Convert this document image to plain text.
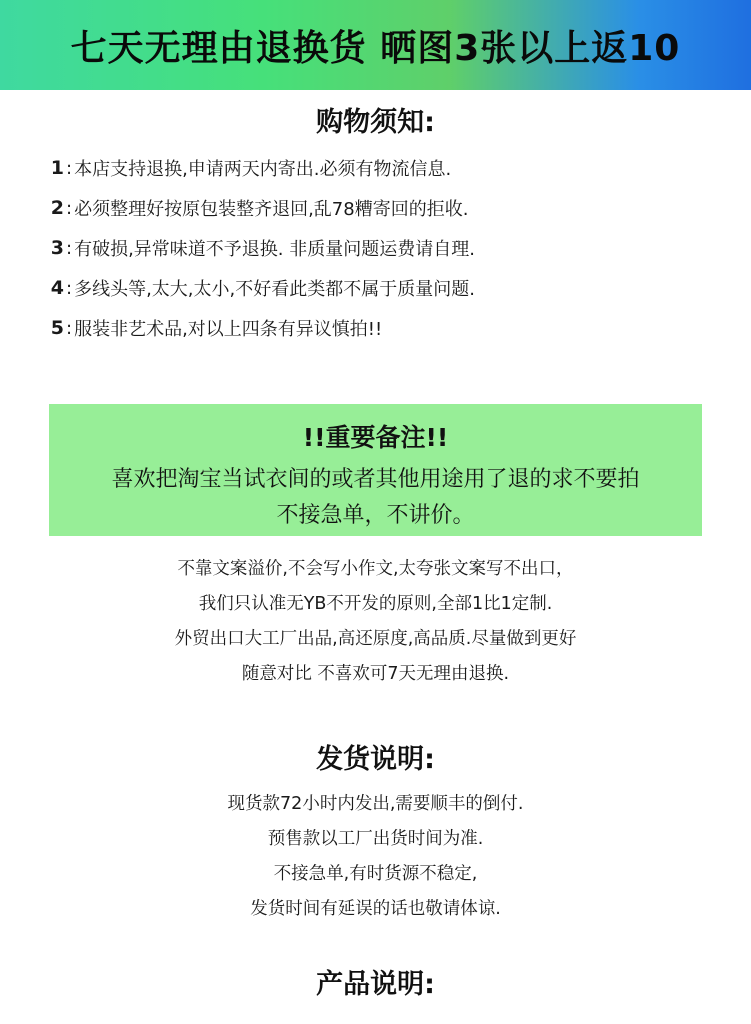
七天无理由退换货 晒图3张以上返10
购物须知:
1 : 本店支持退换,申请两天内寄出.必须有物流信息.
2 : 必须整理好按原包装整齐退回,乱78糟寄回的拒收.
3 : 有破损,异常味道不予退换. 非质量问题运费请自理.
4 : 多线头等,太大,太小,不好看此类都不属于质量问题.
5 : 服装非艺术品,对以上四条有异议慎拍!!
!!重要备注!!
喜欢把淘宝当试衣间的或者其他用途用了退的求不要拍
不接急单，不讲价。
不靠文案溢价,不会写小作文,太夸张文案写不出口，
我们只认准无YB不开发的原则,全部1比1定制.
外贸出口大工厂出品,高还原度,高品质.尽量做到更好
随意对比 不喜欢可7天无理由退换.
发货说明:
现货款72小时内发出,需要顺丰的倒付.
预售款以工厂出货时间为准.
不接急单,有时货源不稳定,
发货时间有延误的话也敬请体谅.
产品说明:
